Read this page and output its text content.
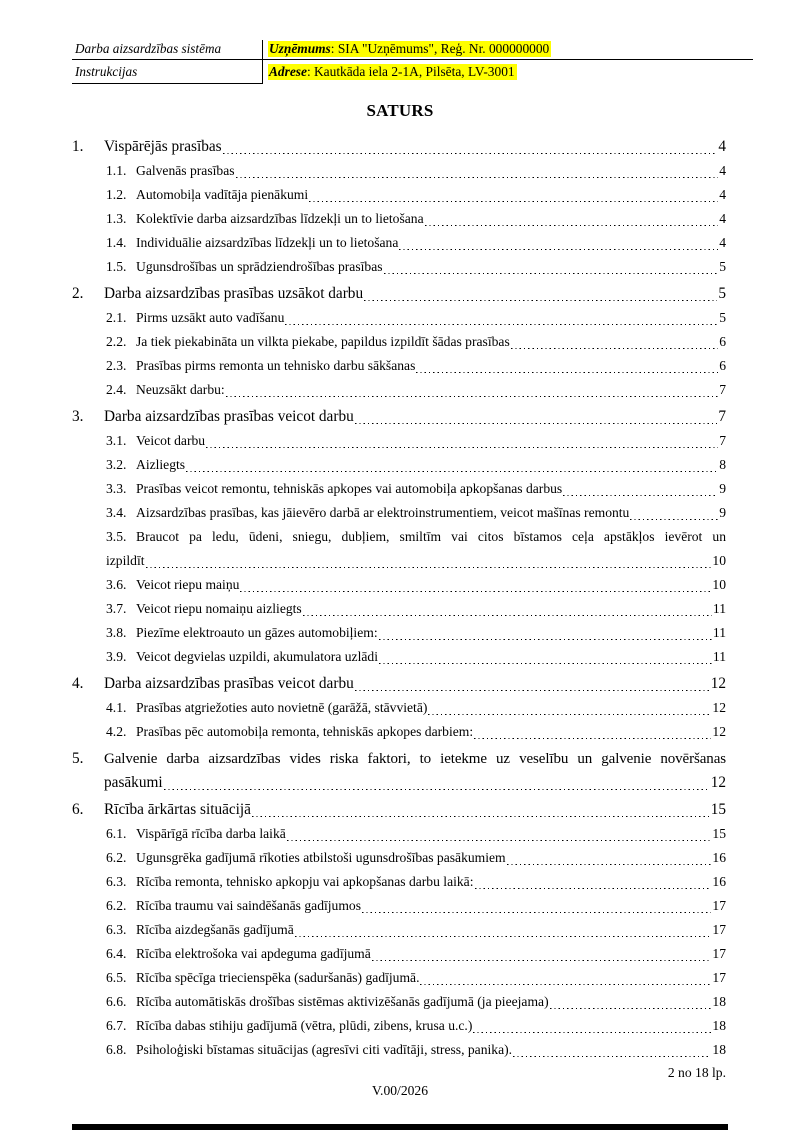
Darba aizsardzības sistēma	Uzņēmums: SIA "Uzņēmums", Reģ. Nr. 000000000
Instrukcijas	Adrese: Kautkāda iela 2-1A, Pilsēta, LV-3001
SATURS
1.	Vispārējās prasības	4
1.1. Galvenās prasības	4
1.2. Automobiļa vadītāja pienākumi	4
1.3. Kolektīvie darba aizsardzības līdzekļi un to lietošana	4
1.4. Individuālie aizsardzības līdzekļi un to lietošana	4
1.5. Ugunsdrošības un sprādziendrošības prasības	5
2.	Darba aizsardzības prasības uzsākot darbu	5
2.1. Pirms uzsākt auto vadīšanu	5
2.2. Ja tiek piekabināta un vilkta piekabe, papildus izpildīt šādas prasības	6
2.3. Prasības pirms remonta un tehnisko darbu sākšanas	6
2.4. Neuzsākt darbu:	7
3.	Darba aizsardzības prasības veicot darbu	7
3.1. Veicot darbu	7
3.2. Aizliegts	8
3.3. Prasības veicot remontu, tehniskās apkopes vai automobiļa apkopšanas darbus	9
3.4. Aizsardzības prasības, kas jāievēro darbā ar elektroinstrumentiem, veicot mašīnas remontu	9
3.5. Braucot pa ledu, ūdeni, sniegu, dubļiem, smiltīm vai citos bīstamos ceļa apstākļos ievērot un
izpildīt	10
3.6. Veicot riepu maiņu	10
3.7. Veicot riepu nomaiņu aizliegts	11
3.8. Piezīme elektroauto un gāzes automobiļiem:	11
3.9. Veicot degvielas uzpildi, akumulatora uzlādi	11
4.	Darba aizsardzības prasības veicot darbu	12
4.1. Prasības atgriežoties auto novietnē (garāžā, stāvvietā)	12
4.2. Prasības pēc automobiļa remonta, tehniskās apkopes darbiem:	12
5.	Galvenie darba aizsardzības vides riska faktori, to ietekme uz veselību un galvenie novēršanas
pasākumi	12
6.	Rīcība ārkārtas situācijā	15
6.1. Vispārīgā rīcība darba laikā	15
6.2. Ugunsgrēka gadījumā rīkoties atbilstoši ugunsdrošības pasākumiem	16
6.3. Rīcība remonta, tehnisko apkopju vai apkopšanas darbu laikā:	16
6.2. Rīcība traumu vai saindēšanās gadījumos	17
6.3. Rīcība aizdegšanās gadījumā	17
6.4. Rīcība elektrošoka vai apdeguma gadījumā	17
6.5. Rīcība spēcīga triecienspēka (saduršanās) gadījumā.	17
6.6. Rīcība automātiskās drošības sistēmas aktivizēšanās gadījumā (ja pieejama)	18
6.7. Rīcība dabas stihiju gadījumā (vētra, plūdi, zibens, krusa u.c.)	18
6.8. Psiholoģiski bīstamas situācijas (agresīvi citi vadītāji, stress, panika).	18
2 no 18 lp.
V.00/2026
